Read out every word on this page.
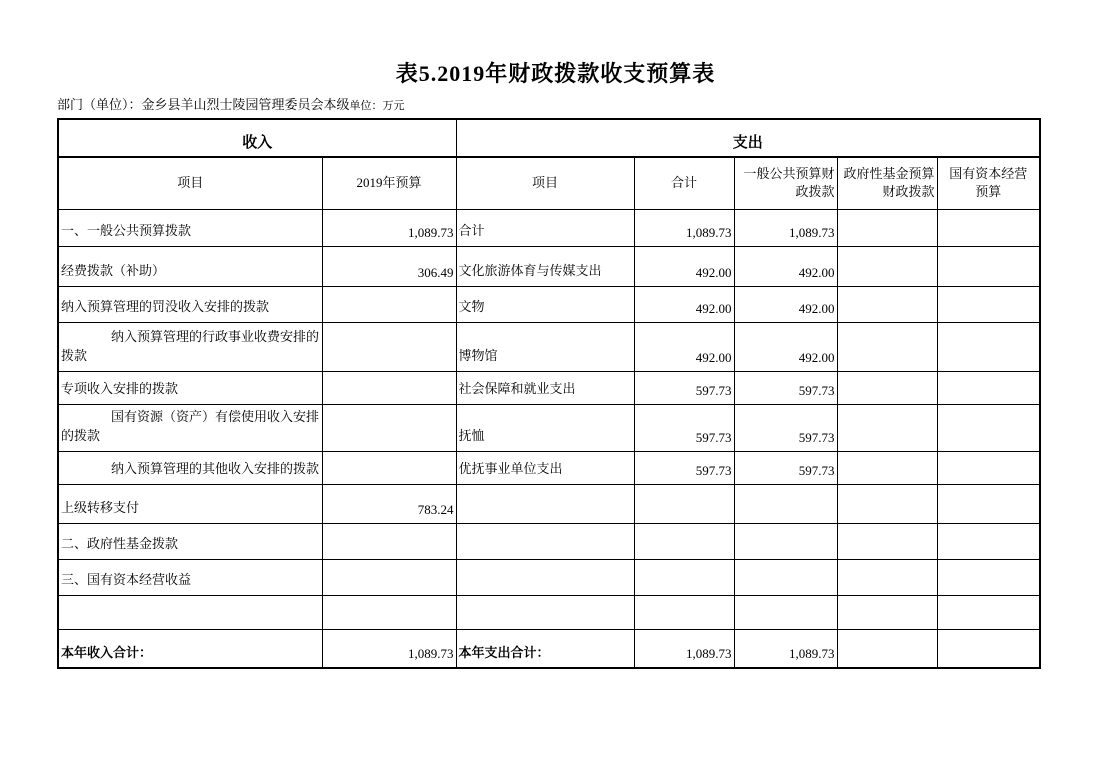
表5.2019年财政拨款收支预算表
部门（单位）：金乡县羊山烈士陵园管理委员会本级单位：万元
收入		支出				
项目	2019年预算	项目	合计	一般公共预算财政拨款	政府性基金预算财政拨款	国有资本经营预算
一、一般公共预算拨款	1,089.73	合计	1,089.73	1,089.73		
经费拨款（补助）	306.49	文化旅游体育与传媒支出	492.00	492.00		
纳入预算管理的罚没收入安排的拨款		文物	492.00	492.00		
纳入预算管理的行政事业收费安排的拨款		博物馆	492.00	492.00		
专项收入安排的拨款		社会保障和就业支出	597.73	597.73		
国有资源（资产）有偿使用收入安排的拨款		抚恤	597.73	597.73		
纳入预算管理的其他收入安排的拨款		优抚事业单位支出	597.73	597.73		
上级转移支付	783.24					
二、政府性基金拨款						
三、国有资本经营收益						

本年收入合计：	1,089.73	本年支出合计：	1,089.73	1,089.73		
